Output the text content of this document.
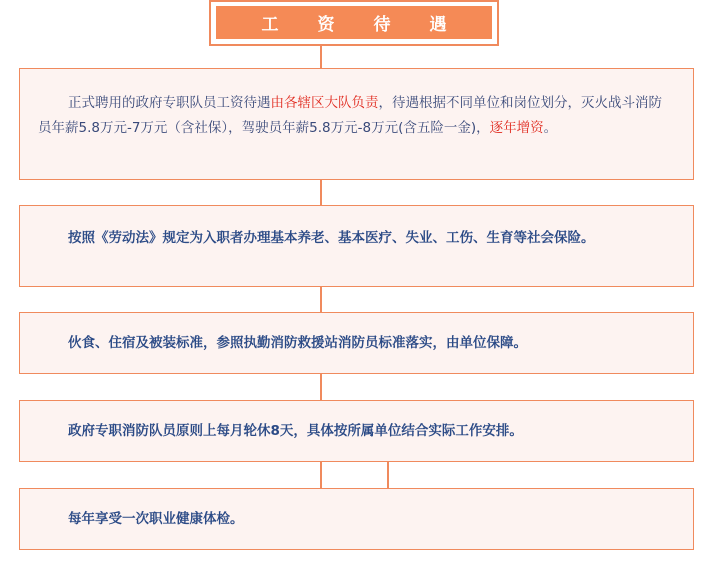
工	资	待	遇
正式聘用的政府专职队员工资待遇由各辖区大队负责，待遇根据不同单位和岗位划分，灭火战斗消防员年薪5.8万元-7万元（含社保），驾驶员年薪5.8万元-8万元(含五险一金)，逐年增资。
按照《劳动法》规定为入职者办理基本养老、基本医疗、失业、工伤、生育等社会保险。
伙食、住宿及被装标准，参照执勤消防救援站消防员标准落实，由单位保障。
政府专职消防队员原则上每月轮休8天，具体按所属单位结合实际工作安排。
每年享受一次职业健康体检。
